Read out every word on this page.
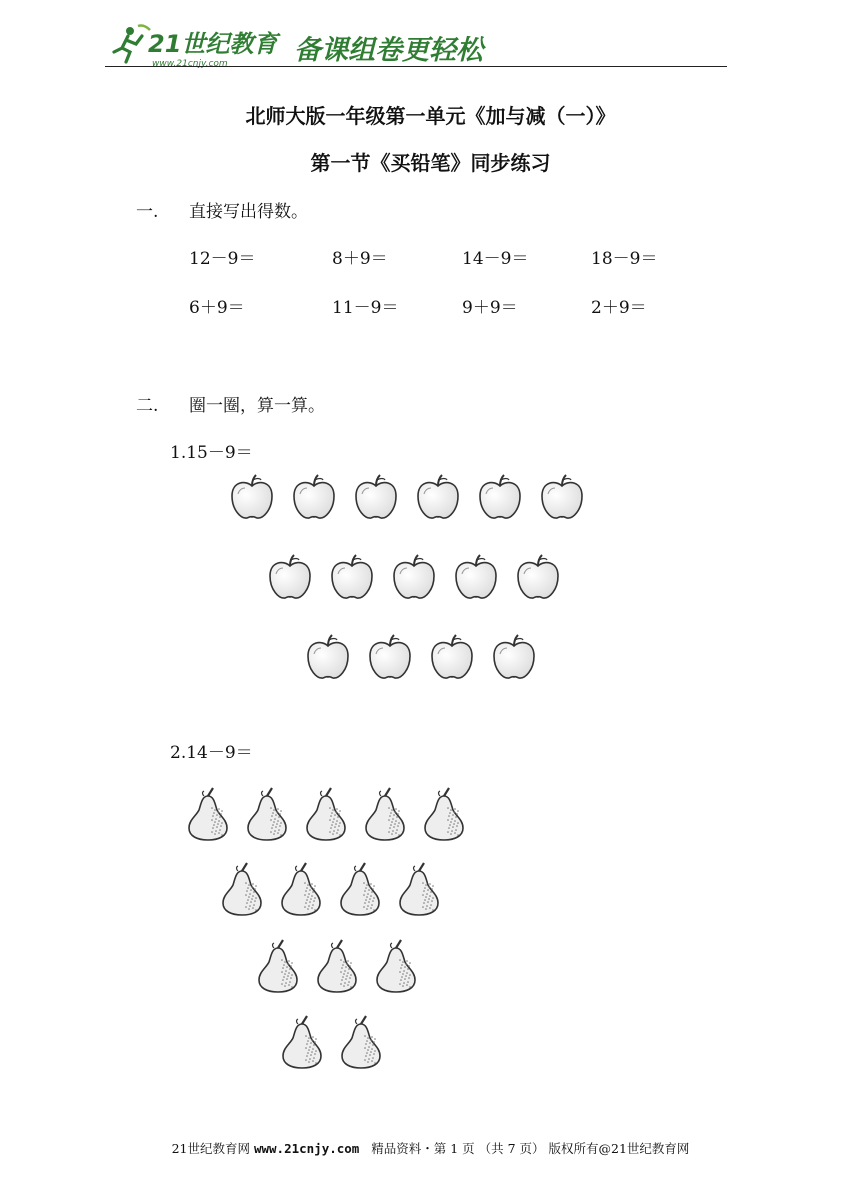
21世纪教育
www.21cnjy.com 备课组卷更轻松
北师大版一年级第一单元《加与减（一）》
第一节《买铅笔》同步练习
一. 直接写出得数。
12－9＝	8＋9＝	14－9＝	18－9＝
6＋9＝	11－9＝	9＋9＝	2＋9＝
二. 圈一圈，算一算。
1.15－9＝
2.14－9＝
21世纪教育网 www.21cnjy.com 精品资料・第 1 页 （共 7 页） 版权所有@21世纪教育网
